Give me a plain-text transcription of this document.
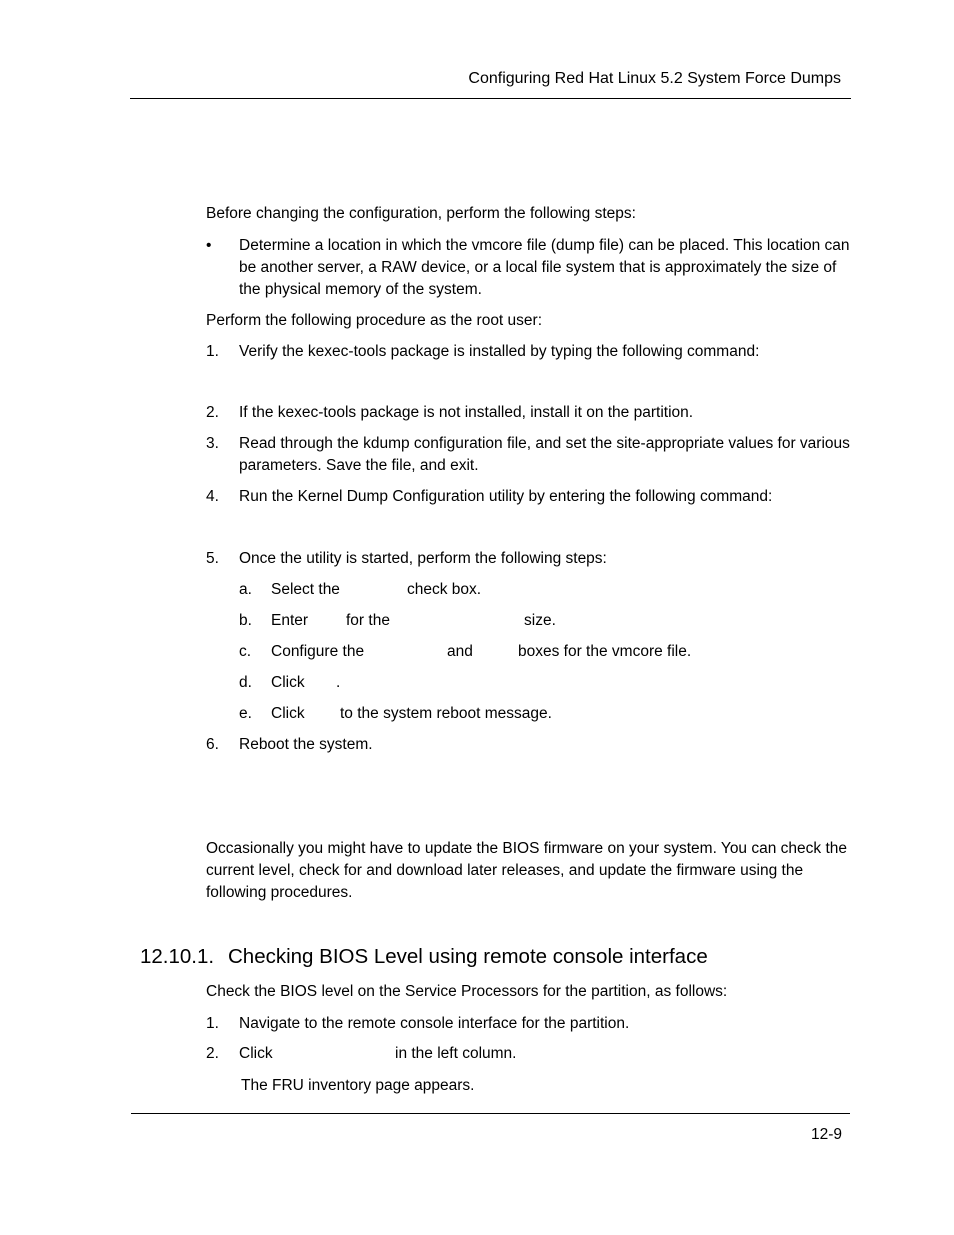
Configuring Red Hat Linux 5.2 System Force Dumps
Before changing the configuration, perform the following steps:
• Determine a location in which the vmcore file (dump file) can be placed. This location can be another server, a RAW device, or a local file system that is approximately the size of the physical memory of the system.
Perform the following procedure as the root user:
1. Verify the kexec-tools package is installed by typing the following command:
2. If the kexec-tools package is not installed, install it on the partition.
3. Read through the kdump configuration file, and set the site-appropriate values for various parameters. Save the file, and exit.
4. Run the Kernel Dump Configuration utility by entering the following command:
5. Once the utility is started, perform the following steps:
a. Select the	check box.
b. Enter for the	size.
c. Configure the	and	boxes for the vmcore file.
d. Click .
e. Click to the system reboot message.
6. Reboot the system.
Occasionally you might have to update the BIOS firmware on your system. You can check the current level, check for and download later releases, and update the firmware using the following procedures.
12.10.1. Checking BIOS Level using remote console interface
Check the BIOS level on the Service Processors for the partition, as follows:
1. Navigate to the remote console interface for the partition.
2. Click	in the left column.
The FRU inventory page appears.
12-9
